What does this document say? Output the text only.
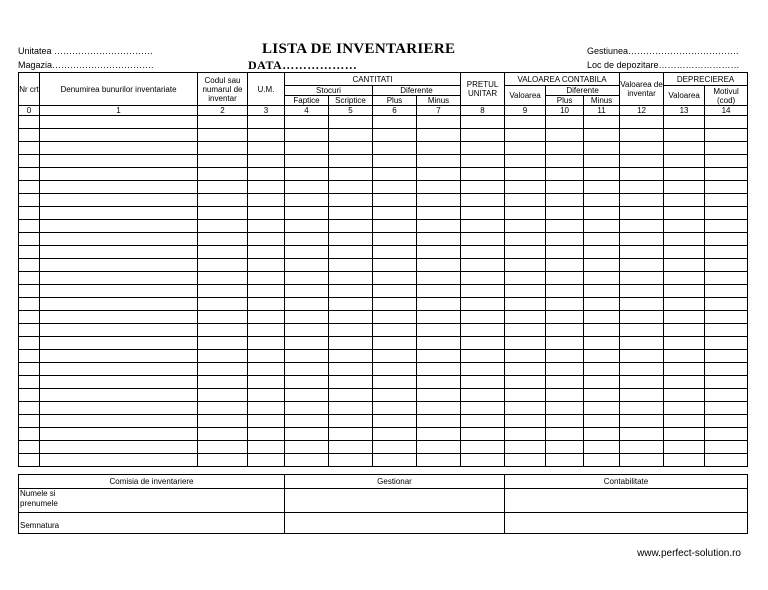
Unitatea ……………………………
Magazia…………………………….
LISTA DE INVENTARIERE
DATA………………
Gestiunea……………………………….
Loc de depozitare………………………
Nr crt	Denumirea bunurilor inventariate	Codul sau numarul de inventar	U.M.	CANTITATI				PRETUL UNITAR	VALOAREA CONTABILA			Valoarea de inventar	DEPRECIEREA	
				Stocuri		Diferente			Valoarea	Diferente			Valoarea	Motivul (cod)
				Faptice	Scriptice	Plus	Minus			Plus	Minus			
0	1	2	3	4	5	6	7	8	9	10	11	12	13	14

Comisia de inventariere	Gestionar	Contabilitate

Numele si prenumele		

Semnatura		
www.perfect-solution.ro
